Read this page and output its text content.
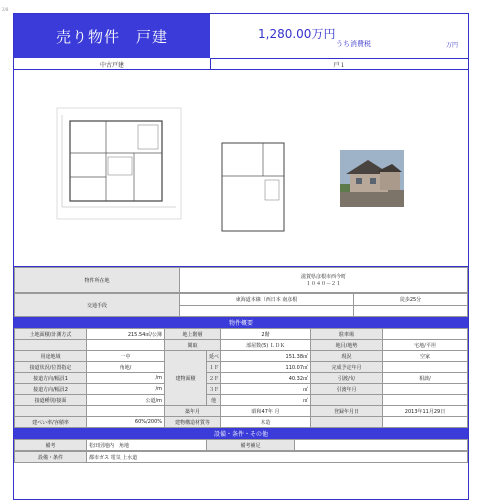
2/8
売り物件　戸建	1,280.00万円
うち消費税	万円
中古戸建	戸１
物件所在地	
滋賀県彦根市西今町
１０４０－２１
交通手段	東海道本線（西日本 南彦根	徒歩25分

物件概要
土地面積/計測方式	215.54㎡/公簿	地上階層		2階	駐車場	
		間取		部屋数(5) ＬＤＫ	地目/地勢	宅地/平坦
用途地域	一中	建物面積	延べ	151.38㎡	現況	空家
接道状況/位置指定	角地/		１Ｆ	110.07㎡	完成予定年月	
接道方向/幅員1	/m		２Ｆ	40.32㎡	引渡/旬	相談/
接道方向/幅員2	/m		３Ｆ	㎡	引渡年月	
接道種別/接面	公道/m		他	㎡		
		築年月		昭和47年 月	登録年月日	2013年11月29日
建ぺい率/容積率	60%/200%	建物構造材質等		木造		
設備・条件・その他
備考	松田団地内　角地	備考補足	
設備・条件	都市ガス 電気 上水道
